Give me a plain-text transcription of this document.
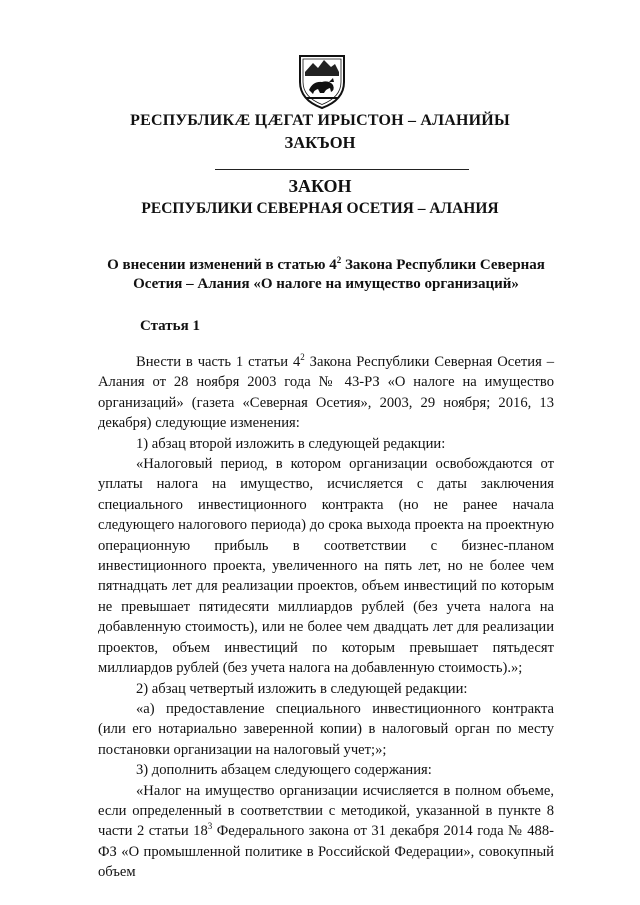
РЕСПУБЛИКÆ ЦÆГАТ ИРЫСТОН – АЛАНИЙЫ
ЗАКЪОН
ЗАКОН
РЕСПУБЛИКИ СЕВЕРНАЯ ОСЕТИЯ – АЛАНИЯ
О внесении изменений в статью $4^2$ Закона Республики Северная Осетия – Алания «О налоге на имущество организаций»
Статья 1

Внести в часть 1 статьи $4^2$ Закона Республики Северная Осетия – Алания от 28 ноября 2003 года № 43-РЗ «О налоге на имущество организаций» (газета «Северная Осетия», 2003, 29 ноября; 2016, 13 декабря) следующие изменения:

1) абзац второй изложить в следующей редакции:

«Налоговый период, в котором организации освобождаются от уплаты налога на имущество, исчисляется с даты заключения специального инвестиционного контракта (но не ранее начала следующего налогового периода) до срока выхода проекта на проектную операционную прибыль в соответствии с бизнес-планом инвестиционного проекта, увеличенного на пять лет, но не более чем пятнадцать лет для реализации проектов, объем инвестиций по которым не превышает пятидесяти миллиардов рублей (без учета налога на добавленную стоимость), или не более чем двадцать лет для реализации проектов, объем инвестиций по которым превышает пятьдесят миллиардов рублей (без учета налога на добавленную стоимость).»;

2) абзац четвертый изложить в следующей редакции:

«а) предоставление специального инвестиционного контракта (или его нотариально заверенной копии) в налоговый орган по месту постановки организации на налоговый учет;»;

3) дополнить абзацем следующего содержания:

«Налог на имущество организации исчисляется в полном объеме, если определенный в соответствии с методикой, указанной в пункте 8 части 2 статьи $18^3$ Федерального закона от 31 декабря 2014 года № 488-ФЗ «О промышленной политике в Российской Федерации», совокупный объем
